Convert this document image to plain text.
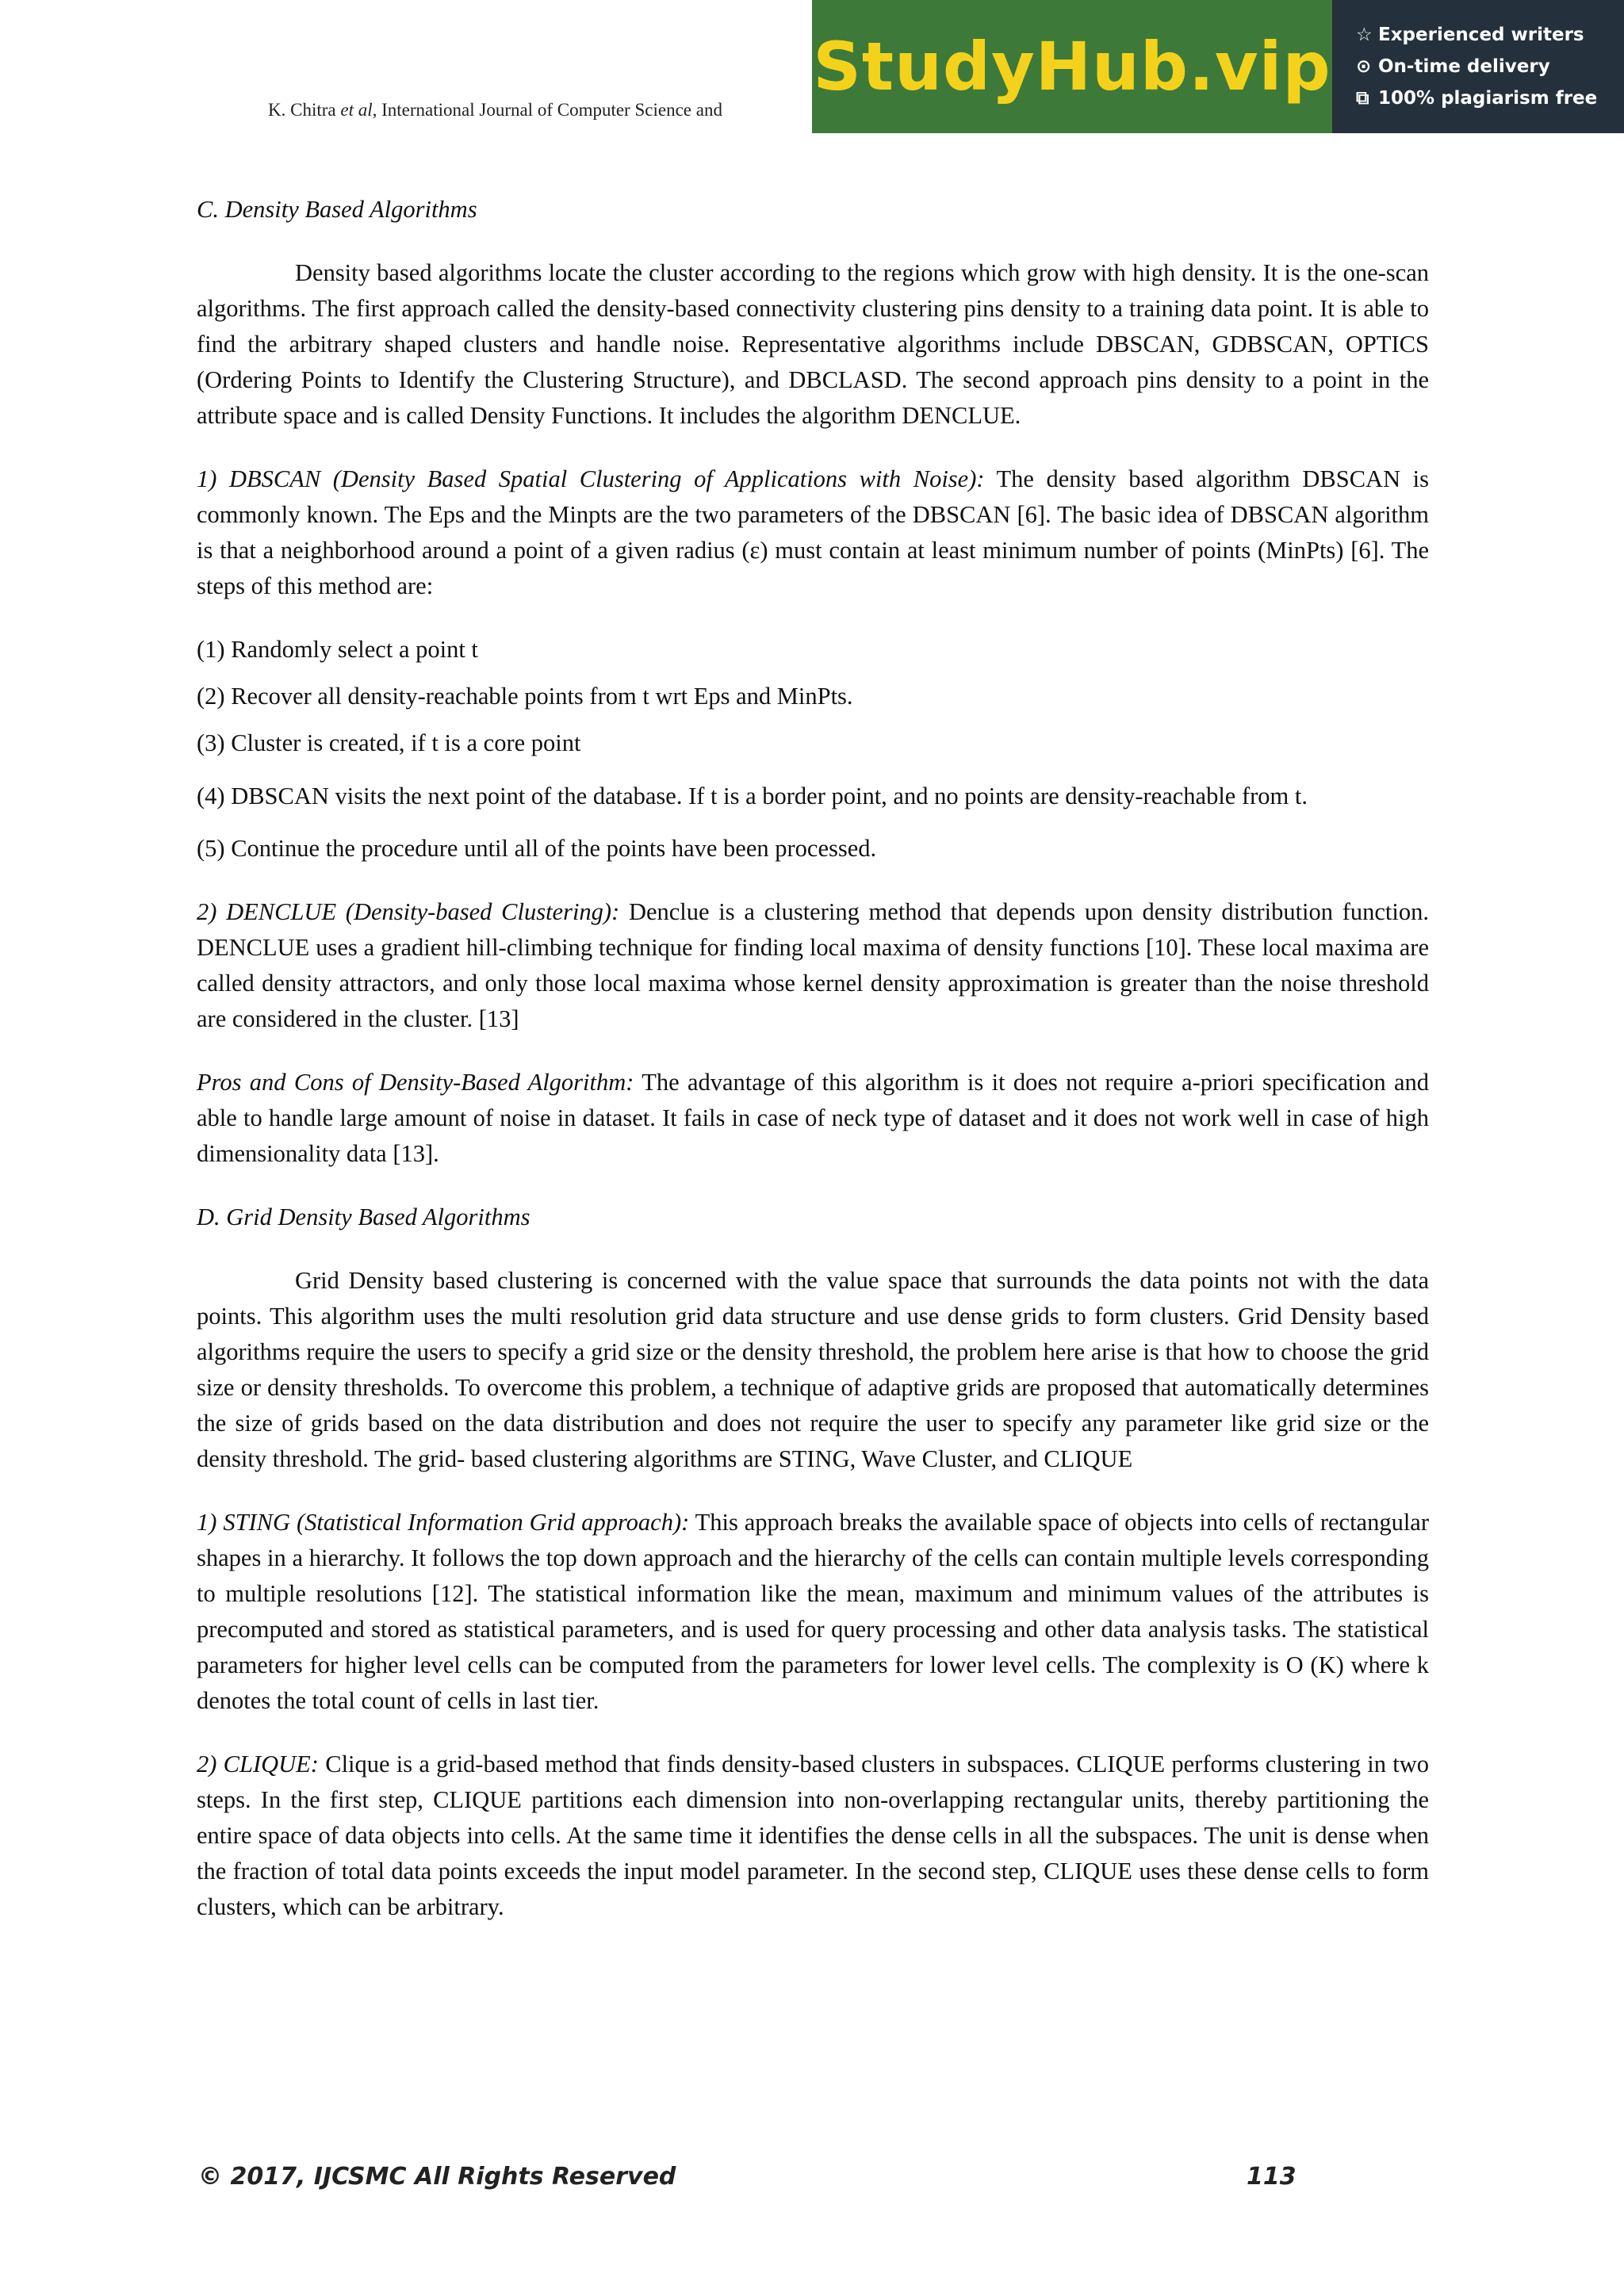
K. Chitra et al, International Journal of Computer Science and
StudyHub.vip ☆ Experienced writers
⊙ On-time delivery
⧉ 100% plagiarism free

C. Density Based Algorithms

Density based algorithms locate the cluster according to the regions which grow with high density. It is the one-scan algorithms. The first approach called the density-based connectivity clustering pins density to a training data point. It is able to find the arbitrary shaped clusters and handle noise. Representative algorithms include DBSCAN, GDBSCAN, OPTICS (Ordering Points to Identify the Clustering Structure), and DBCLASD. The second approach pins density to a point in the attribute space and is called Density Functions. It includes the algorithm DENCLUE.

1) DBSCAN (Density Based Spatial Clustering of Applications with Noise): The density based algorithm DBSCAN is commonly known. The Eps and the Minpts are the two parameters of the DBSCAN [6]. The basic idea of DBSCAN algorithm is that a neighborhood around a point of a given radius (ε) must contain at least minimum number of points (MinPts) [6]. The steps of this method are:

(1) Randomly select a point t

(2) Recover all density-reachable points from t wrt Eps and MinPts.

(3) Cluster is created, if t is a core point

(4) DBSCAN visits the next point of the database. If t is a border point, and no points are density-reachable from t.

(5) Continue the procedure until all of the points have been processed.

2) DENCLUE (Density-based Clustering): Denclue is a clustering method that depends upon density distribution function. DENCLUE uses a gradient hill-climbing technique for finding local maxima of density functions [10]. These local maxima are called density attractors, and only those local maxima whose kernel density approximation is greater than the noise threshold are considered in the cluster. [13]

Pros and Cons of Density-Based Algorithm: The advantage of this algorithm is it does not require a-priori specification and able to handle large amount of noise in dataset. It fails in case of neck type of dataset and it does not work well in case of high dimensionality data [13].

D. Grid Density Based Algorithms

Grid Density based clustering is concerned with the value space that surrounds the data points not with the data points. This algorithm uses the multi resolution grid data structure and use dense grids to form clusters. Grid Density based algorithms require the users to specify a grid size or the density threshold, the problem here arise is that how to choose the grid size or density thresholds. To overcome this problem, a technique of adaptive grids are proposed that automatically determines the size of grids based on the data distribution and does not require the user to specify any parameter like grid size or the density threshold. The grid- based clustering algorithms are STING, Wave Cluster, and CLIQUE

1) STING (Statistical Information Grid approach): This approach breaks the available space of objects into cells of rectangular shapes in a hierarchy. It follows the top down approach and the hierarchy of the cells can contain multiple levels corresponding to multiple resolutions [12]. The statistical information like the mean, maximum and minimum values of the attributes is precomputed and stored as statistical parameters, and is used for query processing and other data analysis tasks. The statistical parameters for higher level cells can be computed from the parameters for lower level cells. The complexity is O (K) where k denotes the total count of cells in last tier.

2) CLIQUE: Clique is a grid-based method that finds density-based clusters in subspaces. CLIQUE performs clustering in two steps. In the first step, CLIQUE partitions each dimension into non-overlapping rectangular units, thereby partitioning the entire space of data objects into cells. At the same time it identifies the dense cells in all the subspaces. The unit is dense when the fraction of total data points exceeds the input model parameter. In the second step, CLIQUE uses these dense cells to form clusters, which can be arbitrary.

© 2017, IJCSMC All Rights Reserved	113
